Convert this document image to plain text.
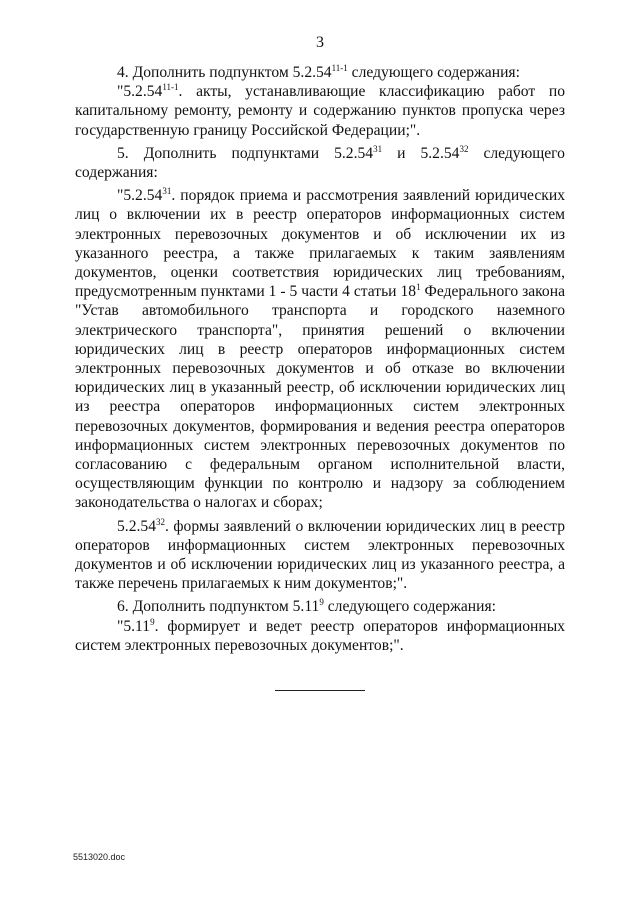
3

4. Дополнить подпунктом 5.2.54$^{11-1}$ следующего содержания:

"5.2.54$^{11-1}$. акты, устанавливающие классификацию работ по капитальному ремонту, ремонту и содержанию пунктов пропуска через государственную границу Российской Федерации;".

5. Дополнить подпунктами 5.2.54$^{31}$ и 5.2.54$^{32}$ следующего содержания:

"5.2.54$^{31}$. порядок приема и рассмотрения заявлений юридических лиц о включении их в реестр операторов информационных систем электронных перевозочных документов и об исключении их из указанного реестра, а также прилагаемых к таким заявлениям документов, оценки соответствия юридических лиц требованиям, предусмотренным пунктами 1 - 5 части 4 статьи $18^1$ Федерального закона "Устав автомобильного транспорта и городского наземного электрического транспорта", принятия решений о включении юридических лиц в реестр операторов информационных систем электронных перевозочных документов и об отказе во включении юридических лиц в указанный реестр, об исключении юридических лиц из реестра операторов информационных систем электронных перевозочных документов, формирования и ведения реестра операторов информационных систем электронных перевозочных документов по согласованию с федеральным органом исполнительной власти, осуществляющим функции по контролю и надзору за соблюдением законодательства о налогах и сборах;

5.2.54$^{32}$. формы заявлений о включении юридических лиц в реестр операторов информационных систем электронных перевозочных документов и об исключении юридических лиц из указанного реестра, а также перечень прилагаемых к ним документов;".

6. Дополнить подпунктом 5.11$^9$ следующего содержания:

"5.11$^9$. формирует и ведет реестр операторов информационных систем электронных перевозочных документов;".

5513020.doc
